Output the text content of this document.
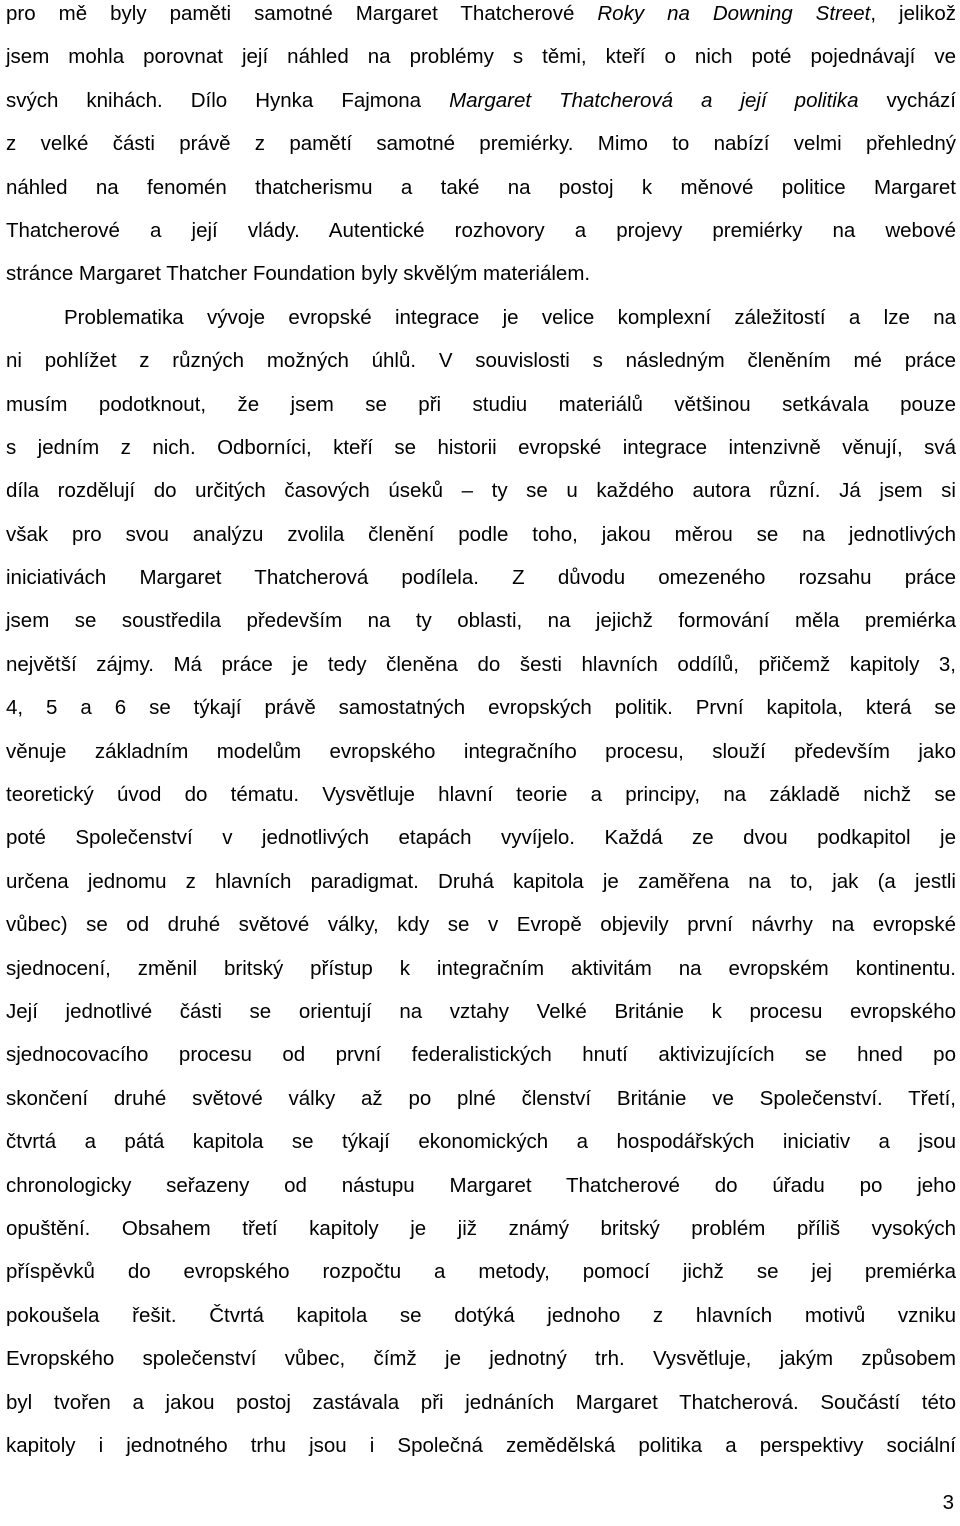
pro mě byly paměti samotné Margaret Thatcherové Roky na Downing Street, jelikož
jsem mohla porovnat její náhled na problémy s těmi, kteří o nich poté pojednávají ve
svých knihách. Dílo Hynka Fajmona Margaret Thatcherová a její politika vychází
z velké části právě z pamětí samotné premiérky. Mimo to nabízí velmi přehledný
náhled na fenomén thatcherismu a také na postoj k měnové politice Margaret
Thatcherové a její vlády. Autentické rozhovory a projevy premiérky na webové
stránce Margaret Thatcher Foundation byly skvělým materiálem.
Problematika vývoje evropské integrace je velice komplexní záležitostí a lze na
ni pohlížet z různých možných úhlů. V souvislosti s následným členěním mé práce
musím podotknout, že jsem se při studiu materiálů většinou setkávala pouze
s jedním z nich. Odborníci, kteří se historii evropské integrace intenzivně věnují, svá
díla rozdělují do určitých časových úseků – ty se u každého autora různí. Já jsem si
však pro svou analýzu zvolila členění podle toho, jakou měrou se na jednotlivých
iniciativách Margaret Thatcherová podílela. Z důvodu omezeného rozsahu práce
jsem se soustředila především na ty oblasti, na jejichž formování měla premiérka
největší zájmy. Má práce je tedy členěna do šesti hlavních oddílů, přičemž kapitoly 3,
4, 5 a 6 se týkají právě samostatných evropských politik. První kapitola, která se
věnuje základním modelům evropského integračního procesu, slouží především jako
teoretický úvod do tématu. Vysvětluje hlavní teorie a principy, na základě nichž se
poté Společenství v jednotlivých etapách vyvíjelo. Každá ze dvou podkapitol je
určena jednomu z hlavních paradigmat. Druhá kapitola je zaměřena na to, jak (a jestli
vůbec) se od druhé světové války, kdy se v Evropě objevily první návrhy na evropské
sjednocení, změnil britský přístup k integračním aktivitám na evropském kontinentu.
Její jednotlivé části se orientují na vztahy Velké Británie k procesu evropského
sjednocovacího procesu od první federalistických hnutí aktivizujících se hned po
skončení druhé světové války až po plné členství Británie ve Společenství. Třetí,
čtvrtá a pátá kapitola se týkají ekonomických a hospodářských iniciativ a jsou
chronologicky seřazeny od nástupu Margaret Thatcherové do úřadu po jeho
opuštění. Obsahem třetí kapitoly je již známý britský problém příliš vysokých
příspěvků do evropského rozpočtu a metody, pomocí jichž se jej premiérka
pokoušela řešit. Čtvrtá kapitola se dotýká jednoho z hlavních motivů vzniku
Evropského společenství vůbec, čímž je jednotný trh. Vysvětluje, jakým způsobem
byl tvořen a jakou postoj zastávala při jednáních Margaret Thatcherová. Součástí této
kapitoly i jednotného trhu jsou i Společná zemědělská politika a perspektivy sociální
3
